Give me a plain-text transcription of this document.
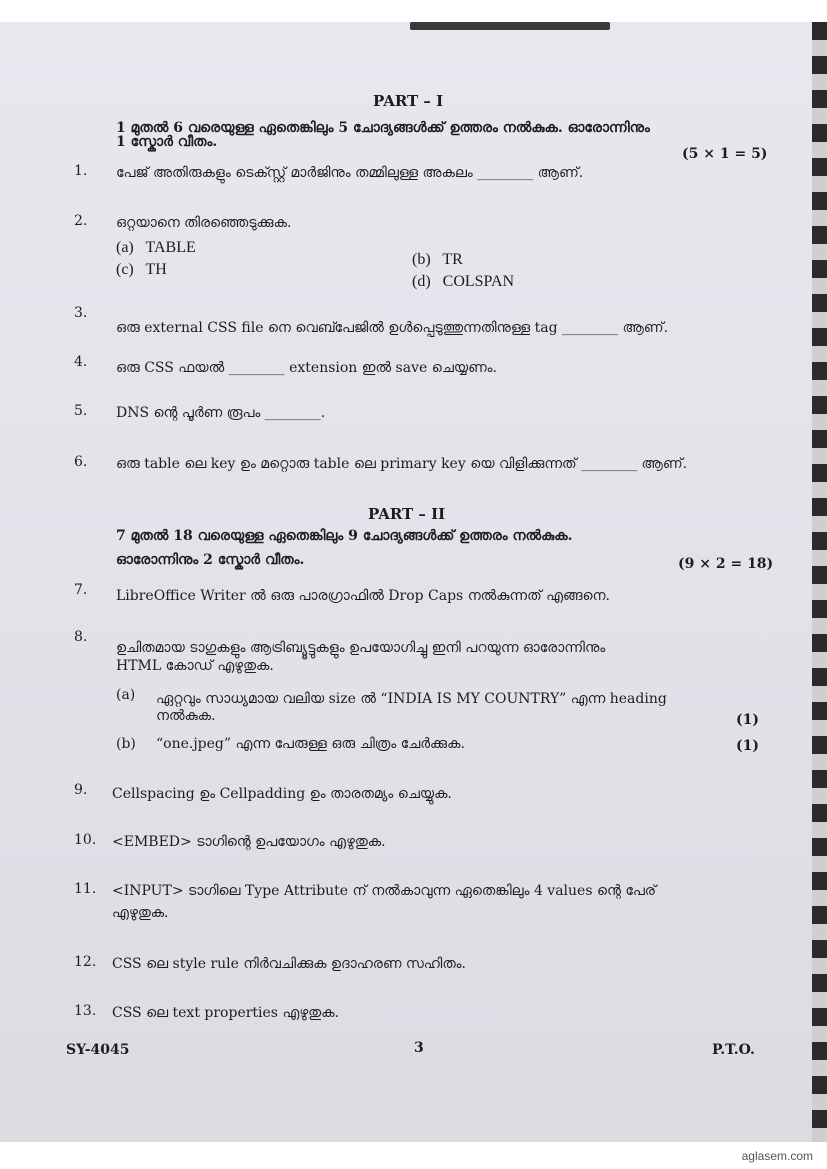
PART – I
1 മുതൽ 6 വരെയുള്ള ഏതെങ്കിലും 5 ചോദ്യങ്ങൾക്ക് ഉത്തരം നൽകുക. ഓരോന്നിനും
1 സ്കോർ വീതം.
(5 × 1 = 5)
1. പേജ് അതിരുകളും ടെക്സ്റ്റ് മാർജിനും തമ്മിലുള്ള അകലം ________ ആണ്.
2. ഒറ്റയാനെ തിരഞ്ഞെടുക്കുക.
(a)   TABLE
(c)   TH
(b)   TR
(d)   COLSPAN
3.
ഒരു external CSS file നെ വെബ്പേജിൽ ഉൾപ്പെടുത്തുന്നതിനുള്ള tag ________ ആണ്.
4. ഒരു CSS ഫയൽ ________ extension ഇൽ save ചെയ്യണം.
5. DNS ന്റെ പൂർണ രൂപം ________.
6. ഒരു table ലെ key ഉം മറ്റൊരു table ലെ primary key യെ വിളിക്കുന്നത് ________ ആണ്.
PART – II
7 മുതൽ 18 വരെയുള്ള ഏതെങ്കിലും 9 ചോദ്യങ്ങൾക്ക് ഉത്തരം നൽകുക.
ഓരോന്നിനും 2 സ്കോർ വീതം.	(9 × 2 = 18)
7. LibreOffice Writer ൽ ഒരു പാരഗ്രാഫിൽ Drop Caps നൽകുന്നത് എങ്ങനെ.
8.
ഉചിതമായ ടാഗുകളും ആട്രിബ്യൂട്ടുകളും ഉപയോഗിച്ചു ഇനി പറയുന്ന ഓരോന്നിനും
HTML കോഡ് എഴുതുക.
(a) ഏറ്റവും സാധ്യമായ വലിയ size ൽ “INDIA IS MY COUNTRY” എന്ന heading
നൽകുക.	(1)
(b) “one.jpeg” എന്ന പേരുള്ള ഒരു ചിത്രം ചേർക്കുക.	(1)
9. Cellspacing ഉം Cellpadding ഉം താരതമ്യം ചെയ്യുക.
10. <EMBED> ടാഗിന്റെ ഉപയോഗം എഴുതുക.
11. <INPUT> ടാഗിലെ Type Attribute ന് നൽകാവുന്ന ഏതെങ്കിലും 4 values ന്റെ പേര്
എഴുതുക.
12. CSS ലെ style rule നിർവചിക്കുക ഉദാഹരണ സഹിതം.
13. CSS ലെ text properties എഴുതുക.
SY-4045	3	P.T.O.
aglasem.com
